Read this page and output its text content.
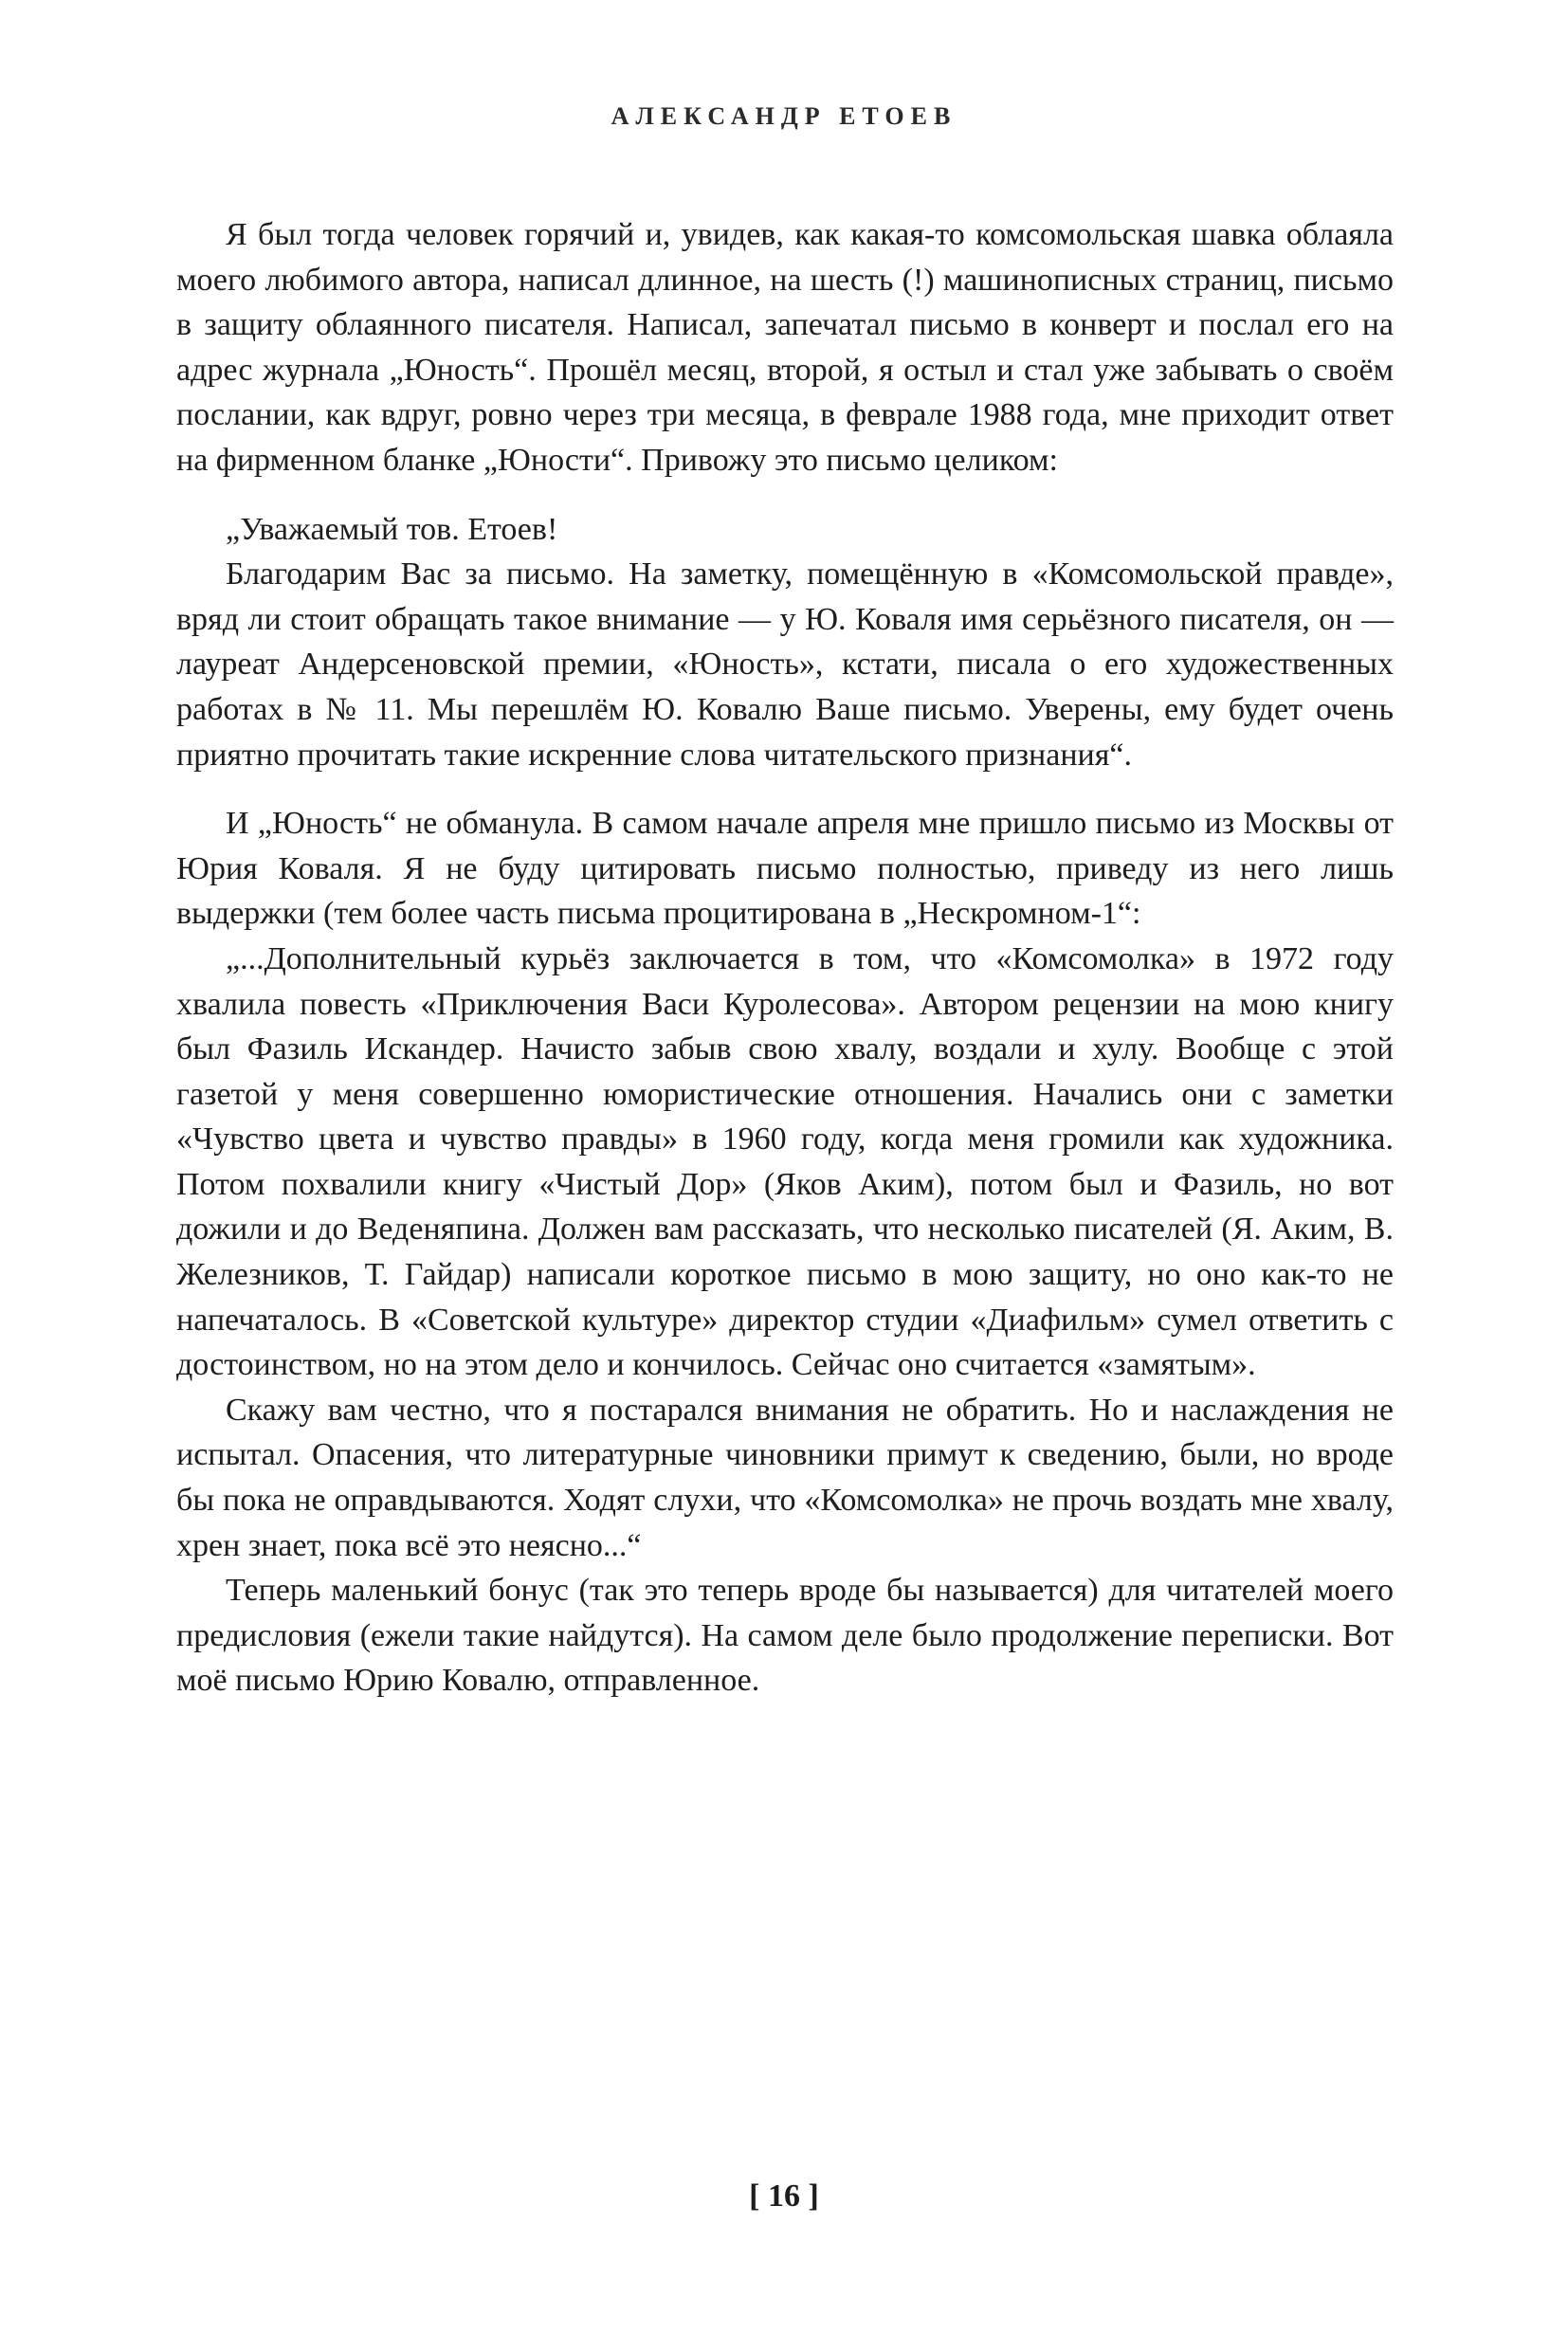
АЛЕКСАНДР ЕТОЕВ

Я был тогда человек горячий и, увидев, как какая-то комсомольская шавка облаяла моего любимого автора, написал длинное, на шесть (!) машинописных страниц, письмо в защиту облаянного писателя. Написал, запечатал письмо в конверт и послал его на адрес журнала „Юность“. Прошёл месяц, второй, я остыл и стал уже забывать о своём послании, как вдруг, ровно через три месяца, в феврале 1988 года, мне приходит ответ на фирменном бланке „Юности“. Привожу это письмо целиком:

„Уважаемый тов. Етоев!

Благодарим Вас за письмо. На заметку, помещённую в «Комсомольской правде», вряд ли стоит обращать такое внимание — у Ю. Коваля имя серьёзного писателя, он — лауреат Андерсеновской премии, «Юность», кстати, писала о его художественных работах в № 11. Мы перешлём Ю. Ковалю Ваше письмо. Уверены, ему будет очень приятно прочитать такие искренние слова читательского признания“.

И „Юность“ не обманула. В самом начале апреля мне пришло письмо из Москвы от Юрия Коваля. Я не буду цитировать письмо полностью, приведу из него лишь выдержки (тем более часть письма процитирована в „Нескромном-1“:

„...Дополнительный курьёз заключается в том, что «Комсомолка» в 1972 году хвалила повесть «Приключения Васи Куролесова». Автором рецензии на мою книгу был Фазиль Искандер. Начисто забыв свою хвалу, воздали и хулу. Вообще с этой газетой у меня совершенно юмористические отношения. Начались они с заметки «Чувство цвета и чувство правды» в 1960 году, когда меня громили как художника. Потом похвалили книгу «Чистый Дор» (Яков Аким), потом был и Фазиль, но вот дожили и до Веденяпина. Должен вам рассказать, что несколько писателей (Я. Аким, В. Железников, Т. Гайдар) написали короткое письмо в мою защиту, но оно как-то не напечаталось. В «Советской культуре» директор студии «Диафильм» сумел ответить с достоинством, но на этом дело и кончилось. Сейчас оно считается «замятым».

Скажу вам честно, что я постарался внимания не обратить. Но и наслаждения не испытал. Опасения, что литературные чиновники примут к сведению, были, но вроде бы пока не оправдываются. Ходят слухи, что «Комсомолка» не прочь воздать мне хвалу, хрен знает, пока всё это неясно...“

Теперь маленький бонус (так это теперь вроде бы называется) для читателей моего предисловия (ежели такие найдутся). На самом деле было продолжение переписки. Вот моё письмо Юрию Ковалю, отправленное.

[ 16 ]
